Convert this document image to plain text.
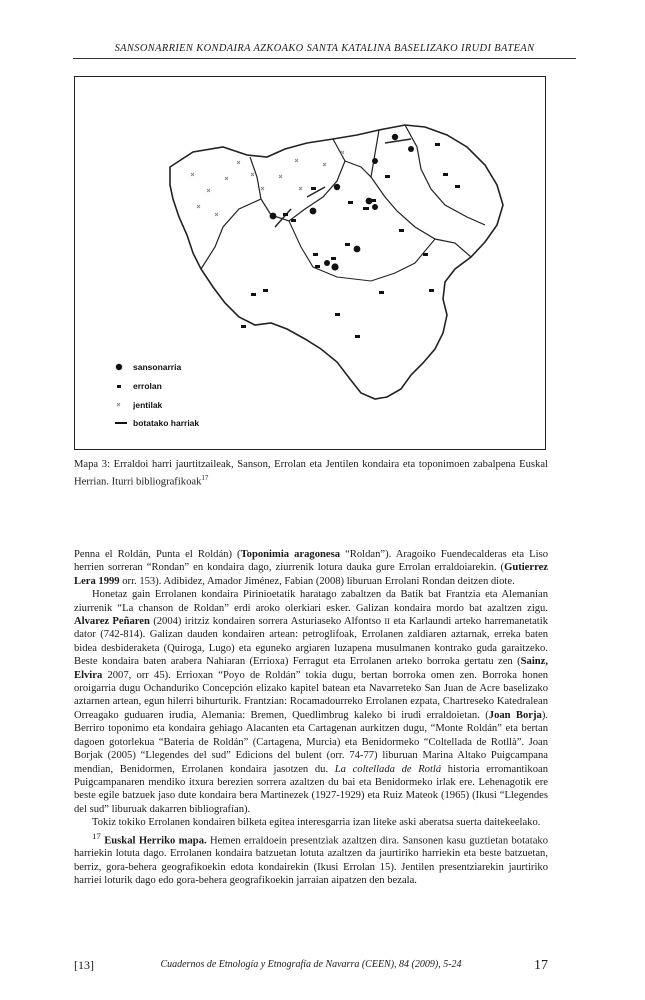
SANSONARRIEN KONDAIRA AZKOAKO SANTA KATALINA BASELIZAKO IRUDI BATEAN
sansonarria
errolan
jentilak
botatako harriak
Mapa 3: Erraldoi harri jaurtitzaileak, Sanson, Errolan eta Jentilen kondaira eta toponimoen zabalpena Euskal Herrian. Iturri bibliografikoak$^{17}$

Penna el Roldán, Punta el Roldán) (Toponimia aragonesa “Roldan”). Aragoiko Fuendecalderas eta Liso herrien sorreran “Rondan” en kondaira dago, ziurrenik lotura dauka gure Errolan erraldoiarekin. (Gutierrez Lera 1999 orr. 153). Adibidez, Amador Jiménez, Fabian (2008) liburuan Errolani Rondan deitzen diote.

Honetaz gain Errolanen kondaira Pirinioetatik haratago zabaltzen da Batik bat Frantzia eta Alemanian ziurrenik “La chanson de Roldan” erdi aroko olerkiari esker. Galizan kondaira mordo bat azaltzen zigu. Alvarez Peñaren (2004) iritziz kondairen sorrera Asturiaseko Alfontso II eta Karlaundi arteko harremanetatik dator (742-814). Galizan dauden kondairen artean: petroglifoak, Errolanen zaldiaren aztarnak, erreka baten bidea desbideraketa (Quiroga, Lugo) eta eguneko argiaren luzapena musulmanen kontrako guda garaitzeko. Beste kondaira baten arabera Nahiaran (Errioxa) Ferragut eta Errolanen arteko borroka gertatu zen (Sainz, Elvira 2007, orr 45). Errioxan “Poyo de Roldán” tokia dugu, bertan borroka omen zen. Borroka honen oroigarria dugu Ochanduriko Concepción elizako kapitel batean eta Navarreteko San Juan de Acre baselizako aztarnen artean, egun hilerri bihurturik. Frantzian: Rocamadourreko Errolanen ezpata, Chartreseko Katedralean Orreagako guduaren irudia, Alemania: Bremen, Quedlimbrug kaleko bi irudi erraldoietan. (Joan Borja). Berriro toponimo eta kondaira gehiago Alacanten eta Cartagenan aurkitzen dugu, “Monte Roldán” eta bertan dagoen gotorlekua “Bateria de Roldán” (Cartagena, Murcia) eta Benidormeko “Coltellada de Rotllà”. Joan Borjak (2005) “Llegendes del sud” Edicions del bulent (orr. 74-77) liburuan Marina Altako Puigcampana mendian, Benidormen, Errolanen kondaira jasotzen du. La coltellada de Rotlá historia erromantikoan Puigcampanaren mendiko itxura berezien sorrera azaltzen du bai eta Benidormeko irlak ere. Lehenagotik ere beste egile batzuek jaso dute kondaira bera Martinezek (1927-1929) eta Ruiz Mateok (1965) (Ikusi “Llegendes del sud” liburuak dakarren bibliografían).

Tokiz tokiko Errolanen kondairen bilketa egitea interesgarria izan liteke aski aberatsa suerta daitekeelako.

$^{17}$ Euskal Herriko mapa. Hemen erraldoein presentziak azaltzen dira. Sansonen kasu guztietan botatako harriekin lotuta dago. Errolanen kondaira batzuetan lotuta azaltzen da jaurtiriko harriekin eta beste batzuetan, berriz, gora-behera geografikoekin edota kondairekin (Ikusi Errolan 15). Jentilen presentziarekin jaurtiriko harriei loturik dago edo gora-behera geografikoekin jarraian aipatzen den bezala.

[13]	Cuadernos de Etnología y Etnografía de Navarra (CEEN), 84 (2009), 5-24	17
